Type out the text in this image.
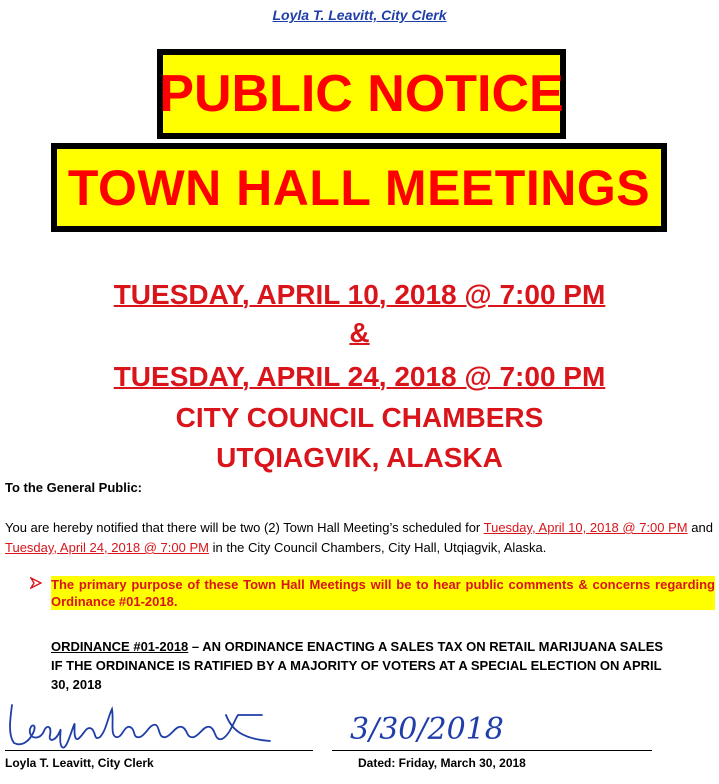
Loyla T. Leavitt, City Clerk
PUBLIC NOTICE
TOWN HALL MEETINGS
TUESDAY, APRIL 10, 2018 @ 7:00 PM
&
TUESDAY, APRIL 24, 2018 @ 7:00 PM
CITY COUNCIL CHAMBERS
UTQIAGVIK, ALASKA
To the General Public:
You are hereby notified that there will be two (2) Town Hall Meeting’s scheduled for Tuesday, April 10, 2018 @ 7:00 PM and Tuesday, April 24, 2018 @ 7:00 PM in the City Council Chambers, City Hall, Utqiagvik, Alaska.
The primary purpose of these Town Hall Meetings will be to hear public comments & concerns regarding Ordinance #01-2018.
ORDINANCE #01-2018 – AN ORDINANCE ENACTING A SALES TAX ON RETAIL MARIJUANA SALES IF THE ORDINANCE IS RATIFIED BY A MAJORITY OF VOTERS AT A SPECIAL ELECTION ON APRIL 30, 2018
3/30/2018
Loyla T. Leavitt, City Clerk	Dated: Friday, March 30, 2018
